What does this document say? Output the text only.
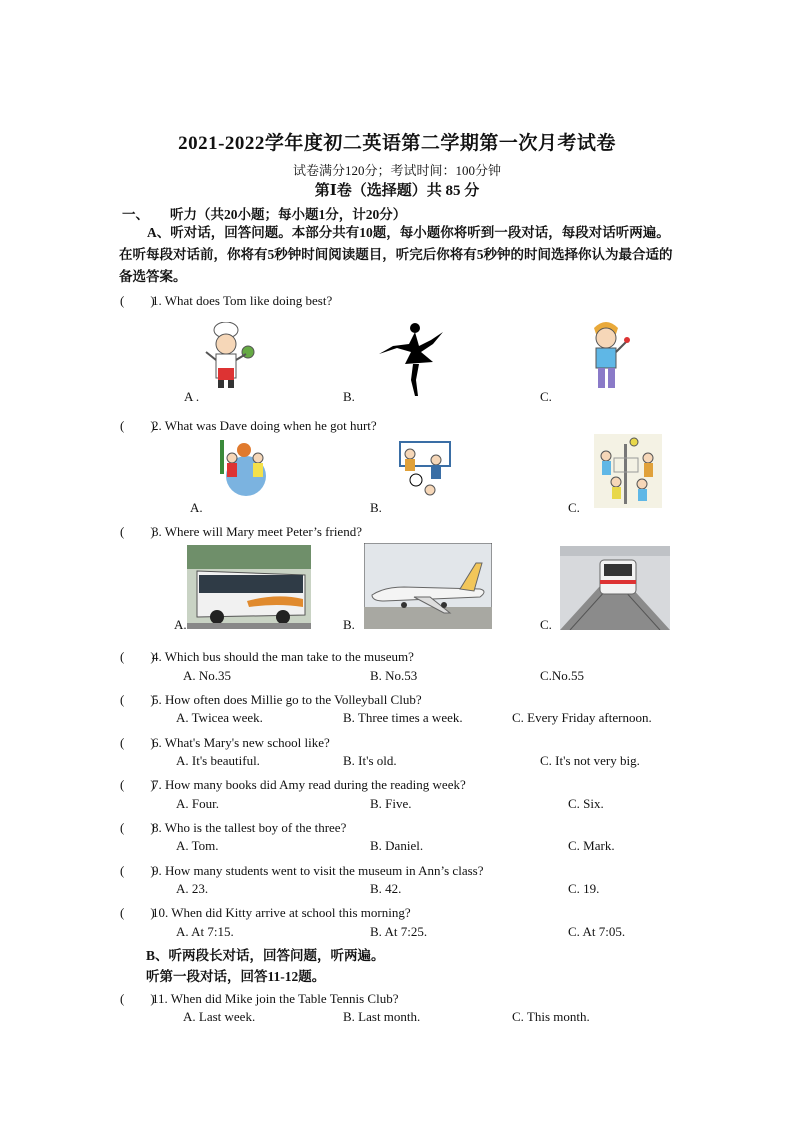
2021-2022学年度初二英语第二学期第一次月考试卷
试卷满分120分；考试时间：100分钟
第Ⅰ卷（选择题）共 85 分
一、 听力（共20小题；每小题1分，计20分）
A、听对话，回答问题。本部分共有10题，每小题你将听到一段对话，每段对话听两遍。在听每段对话前，你将有5秒钟时间阅读题目，听完后你将有5秒钟的时间选择你认为最合适的备选答案。
(　　)1. What does Tom like doing best?
A .	B.	C.
(　　)2. What was Dave doing when he got hurt?
A.	B.	C.
(　　)3. Where will Mary meet Peter’s friend?
A.	B.	C.
(　　)4. Which bus should the man take to the museum?
A. No.35	B. No.53	C.No.55
(　　)5. How often does Millie go to the Volleyball Club?
A. Twicea week.	B. Three times a week.	C. Every Friday afternoon.
(　　)6. What's Mary's new school like?
A. It's beautiful.	B. It's old.	C. It's not very big.
(　　)7. How many books did Amy read during the reading week?
A. Four.	B. Five.	C. Six.
(　　)8. Who is the tallest boy of the three?
A. Tom.	B. Daniel.	C. Mark.
(　　)9. How many students went to visit the museum in Ann’s class?
A. 23.	B. 42.	C. 19.
(　　)10. When did Kitty arrive at school this morning?
A. At 7:15.	B. At 7:25.	C. At 7:05.
B、听两段长对话，回答问题，听两遍。
听第一段对话，回答11-12题。
(　　)11. When did Mike join the Table Tennis Club?
A. Last week.	B. Last month.	C. This month.
